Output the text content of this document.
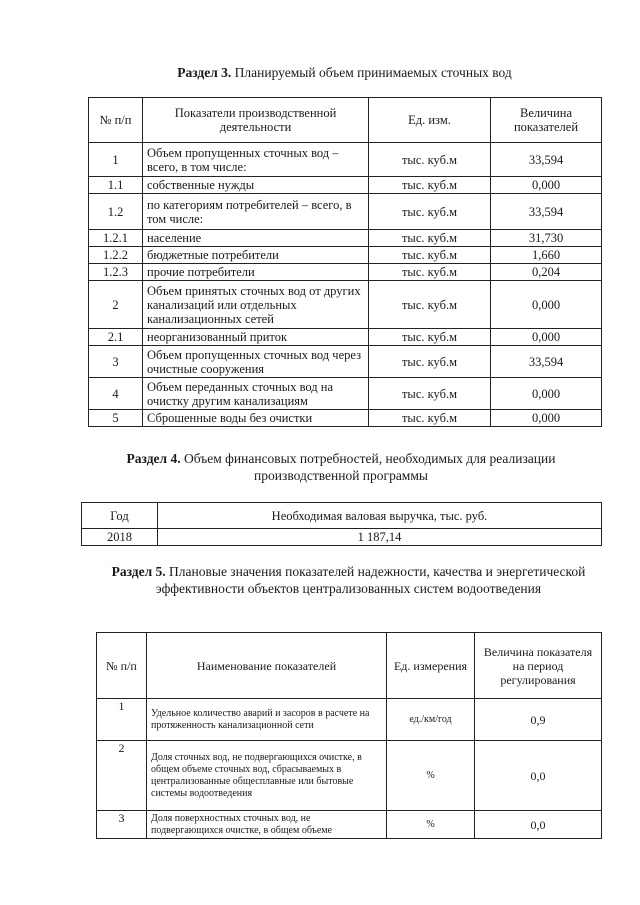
Раздел 3. Планируемый объем принимаемых сточных вод
№ п/п	Показатели производственной деятельности	Ед. изм.	Величина показателей
1	Объем пропущенных сточных вод – всего, в том числе:	тыс. куб.м	33,594
1.1	собственные нужды	тыс. куб.м	0,000
1.2	по категориям потребителей – всего, в том числе:	тыс. куб.м	33,594
1.2.1	население	тыс. куб.м	31,730
1.2.2	бюджетные потребители	тыс. куб.м	1,660
1.2.3	прочие потребители	тыс. куб.м	0,204
2	Объем принятых сточных вод от других канализаций или отдельных канализационных сетей	тыс. куб.м	0,000
2.1	неорганизованный приток	тыс. куб.м	0,000
3	Объем пропущенных сточных вод через очистные сооружения	тыс. куб.м	33,594
4	Объем переданных сточных вод на очистку другим канализациям	тыс. куб.м	0,000
5	Сброшенные воды без очистки	тыс. куб.м	0,000
Раздел 4. Объем финансовых потребностей, необходимых для реализации производственной программы
Год	Необходимая валовая выручка, тыс. руб.
2018	1 187,14
Раздел 5. Плановые значения показателей надежности, качества и энергетической эффективности объектов централизованных систем водоотведения
№ п/п	Наименование показателей	Ед. измерения	Величина показателя на период регулирования
1	Удельное количество аварий и засоров в расчете на протяженность канализационной сети	ед./км/год	0,9
2	Доля сточных вод, не подвергающихся очистке, в общем объеме сточных вод, сбрасываемых в централизованные общесплавные или бытовые системы водоотведения	%	0,0
3	Доля поверхностных сточных вод, не подвергающихся очистке, в общем объеме	%	0,0
